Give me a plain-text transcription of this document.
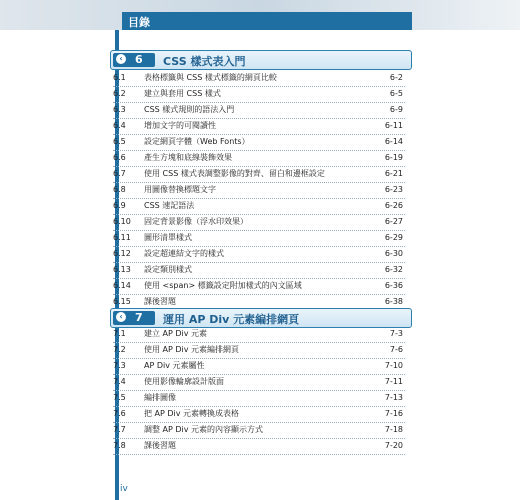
目錄
‹	6 CSS 樣式表入門
6.1	表格標籤與 CSS 樣式標籤的網頁比較	6-2
6.2	建立與套用 CSS 樣式	6-5
6.3	CSS 樣式規則的語法入門	6-9
6.4	增加文字的可閱讀性	6-11
6.5	設定網頁字體（Web Fonts）	6-14
6.6	產生方塊和底線裝飾效果	6-19
6.7	使用 CSS 樣式表調整影像的對齊、留白和邊框設定	6-21
6.8	用圖像替換標題文字	6-23
6.9	CSS 速記語法	6-26
6.10	固定背景影像（浮水印效果）	6-27
6.11	圖形清單樣式	6-29
6.12	設定超連結文字的樣式	6-30
6.13	設定類別樣式	6-32
6.14	使用 <span> 標籤設定附加樣式的內文區域	6-36
6.15	課後習題	6-38
‹	7 運用 AP Div 元素編排網頁
7.1	建立 AP Div 元素	7-3
7.2	使用 AP Div 元素編排網頁	7-6
7.3	AP Div 元素屬性	7-10
7.4	使用影像輪廓設計版面	7-11
7.5	編排圖像	7-13
7.6	把 AP Div 元素轉換成表格	7-16
7.7	調整 AP Div 元素的內容顯示方式	7-18
7.8	課後習題	7-20
iv
